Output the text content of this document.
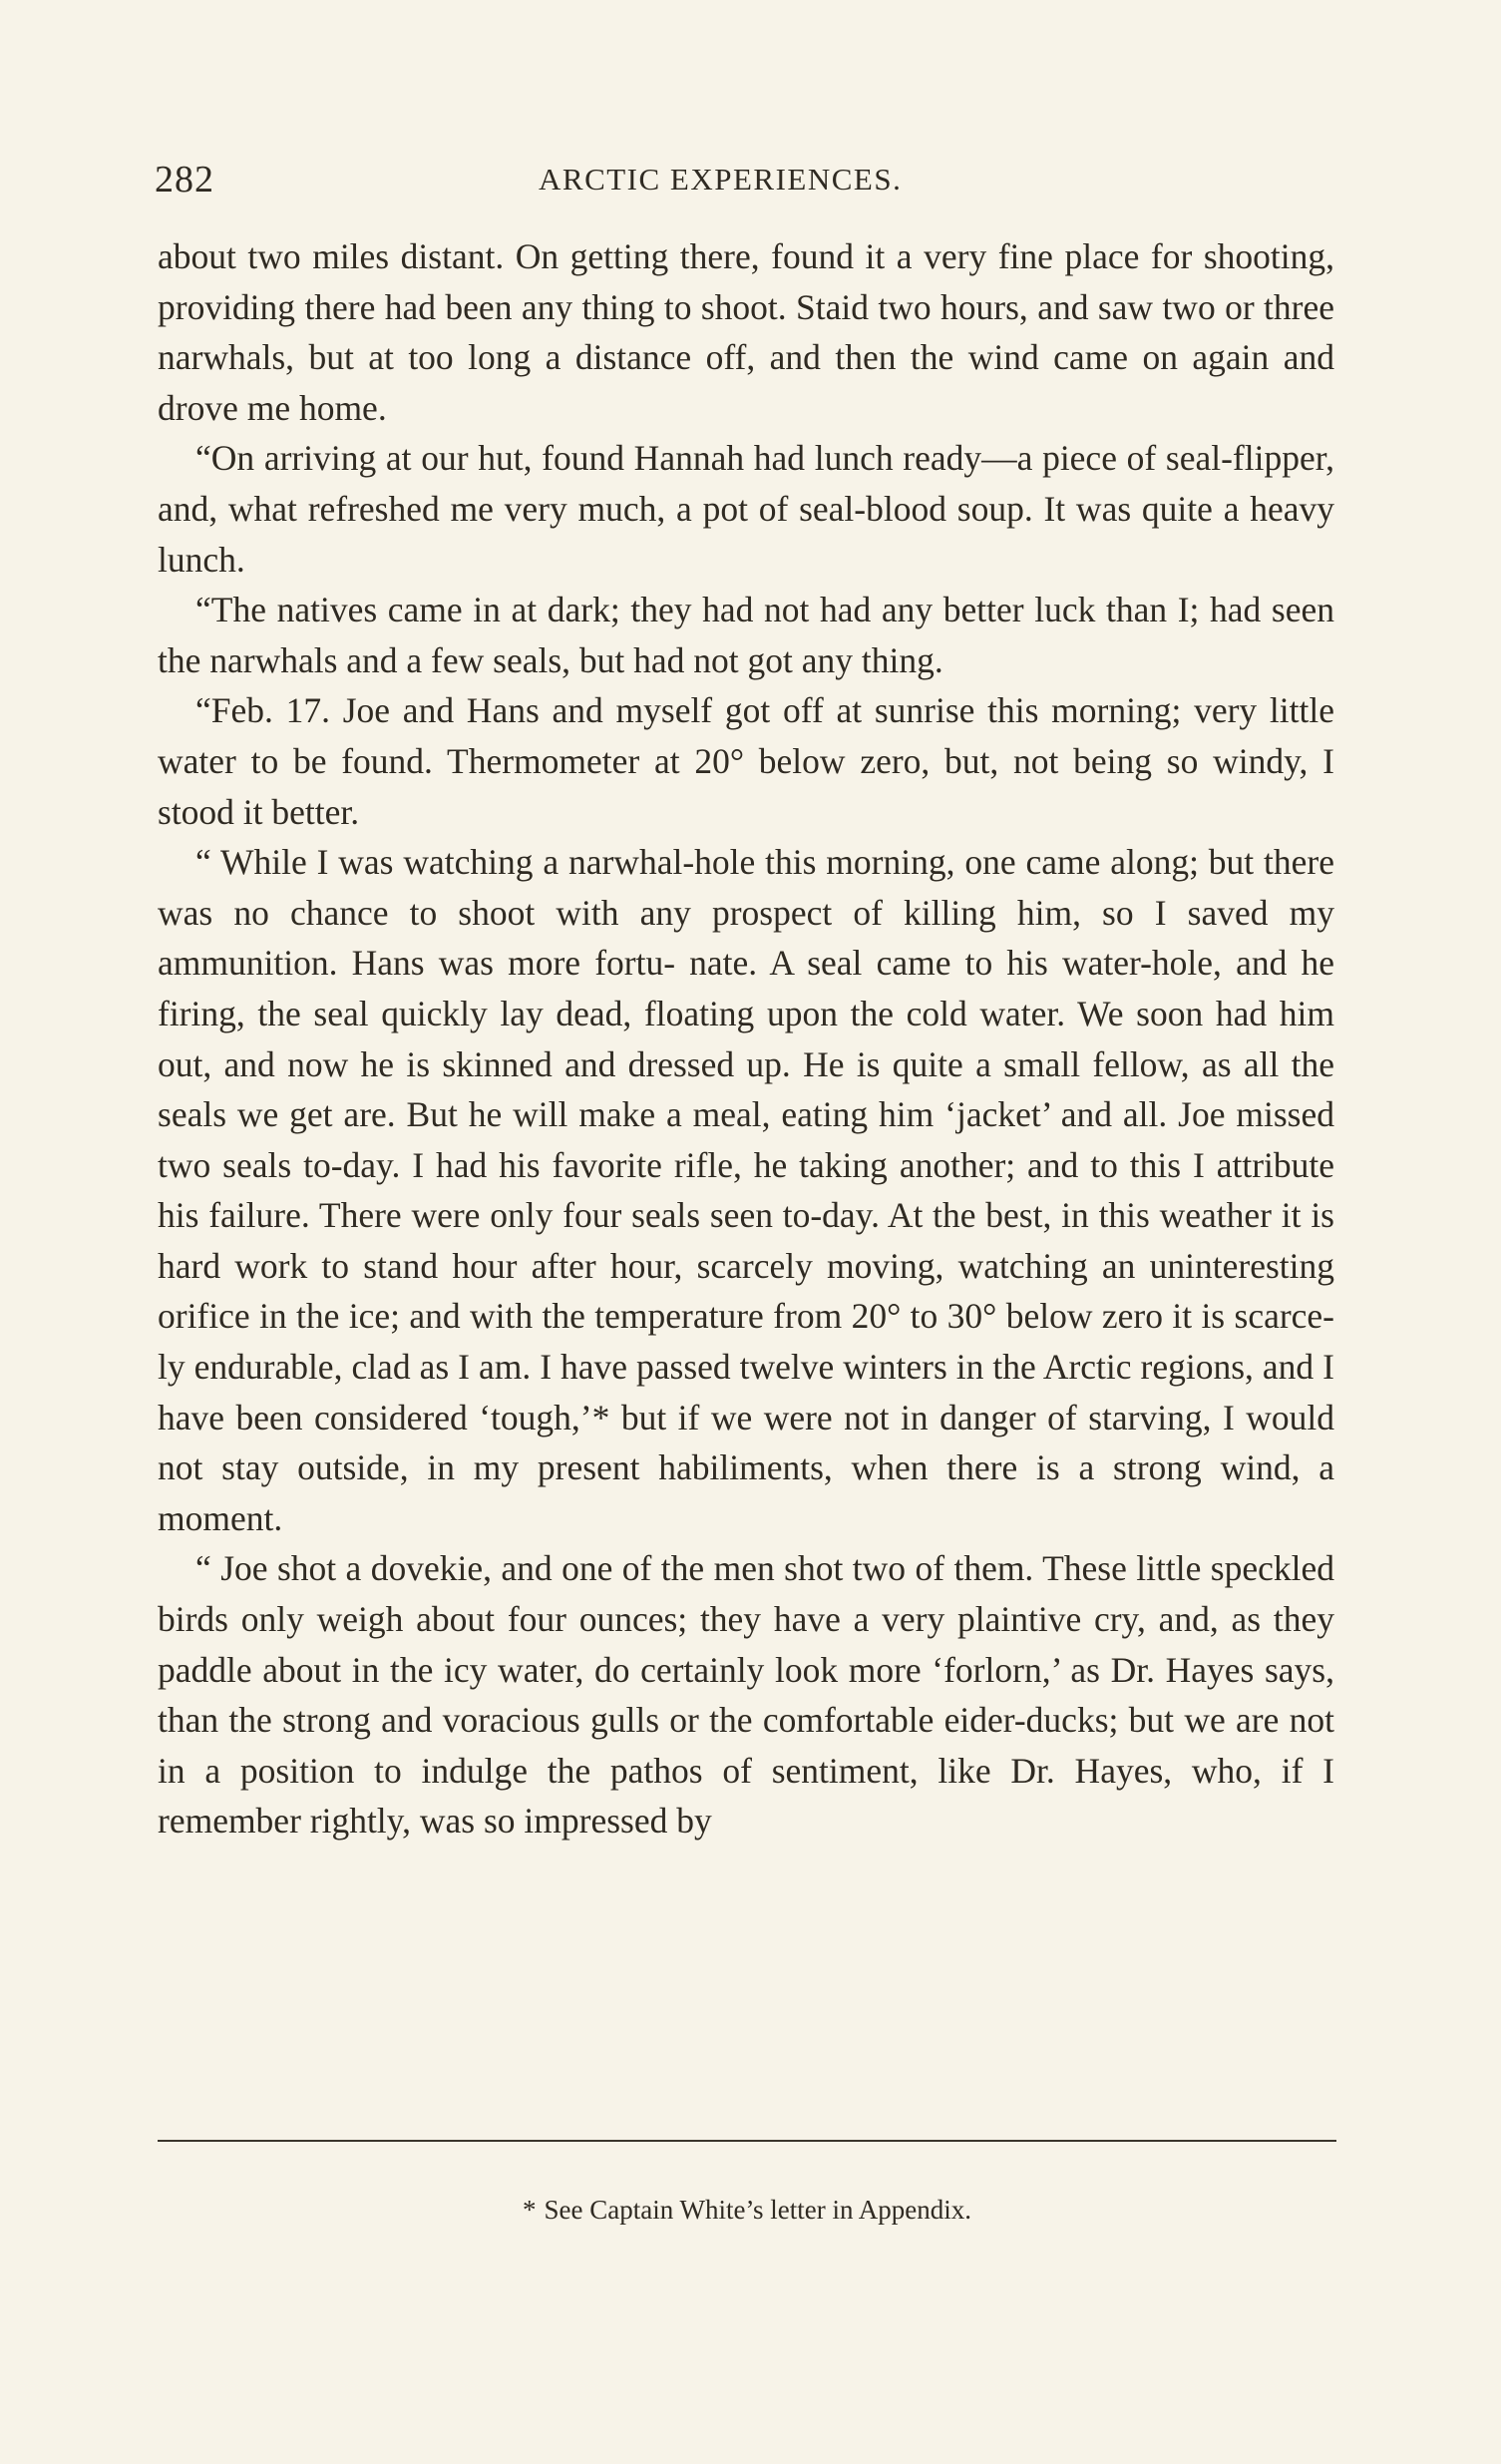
282	ARCTIC EXPERIENCES.

about two miles distant. On getting there, found it a very fine place for shooting, providing there had been any thing to shoot. Staid two hours, and saw two or three narwhals, but at too long a distance off, and then the wind came on again and drove me home.

“On arriving at our hut, found Hannah had lunch ready—a piece of seal-flipper, and, what refreshed me very much, a pot of seal-blood soup. It was quite a heavy lunch.

“The natives came in at dark; they had not had any better luck than I; had seen the narwhals and a few seals, but had not got any thing.

“Feb. 17. Joe and Hans and myself got off at sunrise this morning; very little water to be found. Thermometer at 20° below zero, but, not being so windy, I stood it better.

“ While I was watching a narwhal-hole this morning, one came along; but there was no chance to shoot with any prospect of killing him, so I saved my ammunition. Hans was more fortu- nate. A seal came to his water-hole, and he firing, the seal quickly lay dead, floating upon the cold water. We soon had him out, and now he is skinned and dressed up. He is quite a small fellow, as all the seals we get are. But he will make a meal, eating him ‘jacket’ and all. Joe missed two seals to-day. I had his favorite rifle, he taking another; and to this I attribute his failure. There were only four seals seen to-day. At the best, in this weather it is hard work to stand hour after hour, scarcely moving, watching an uninteresting orifice in the ice; and with the temperature from 20° to 30° below zero it is scarce- ly endurable, clad as I am. I have passed twelve winters in the Arctic regions, and I have been considered ‘tough,’* but if we were not in danger of starving, I would not stay outside, in my present habiliments, when there is a strong wind, a moment.

“ Joe shot a dovekie, and one of the men shot two of them. These little speckled birds only weigh about four ounces; they have a very plaintive cry, and, as they paddle about in the icy water, do certainly look more ‘forlorn,’ as Dr. Hayes says, than the strong and voracious gulls or the comfortable eider-ducks; but we are not in a position to indulge the pathos of sentiment, like Dr. Hayes, who, if I remember rightly, was so impressed by

* See Captain White’s letter in Appendix.
